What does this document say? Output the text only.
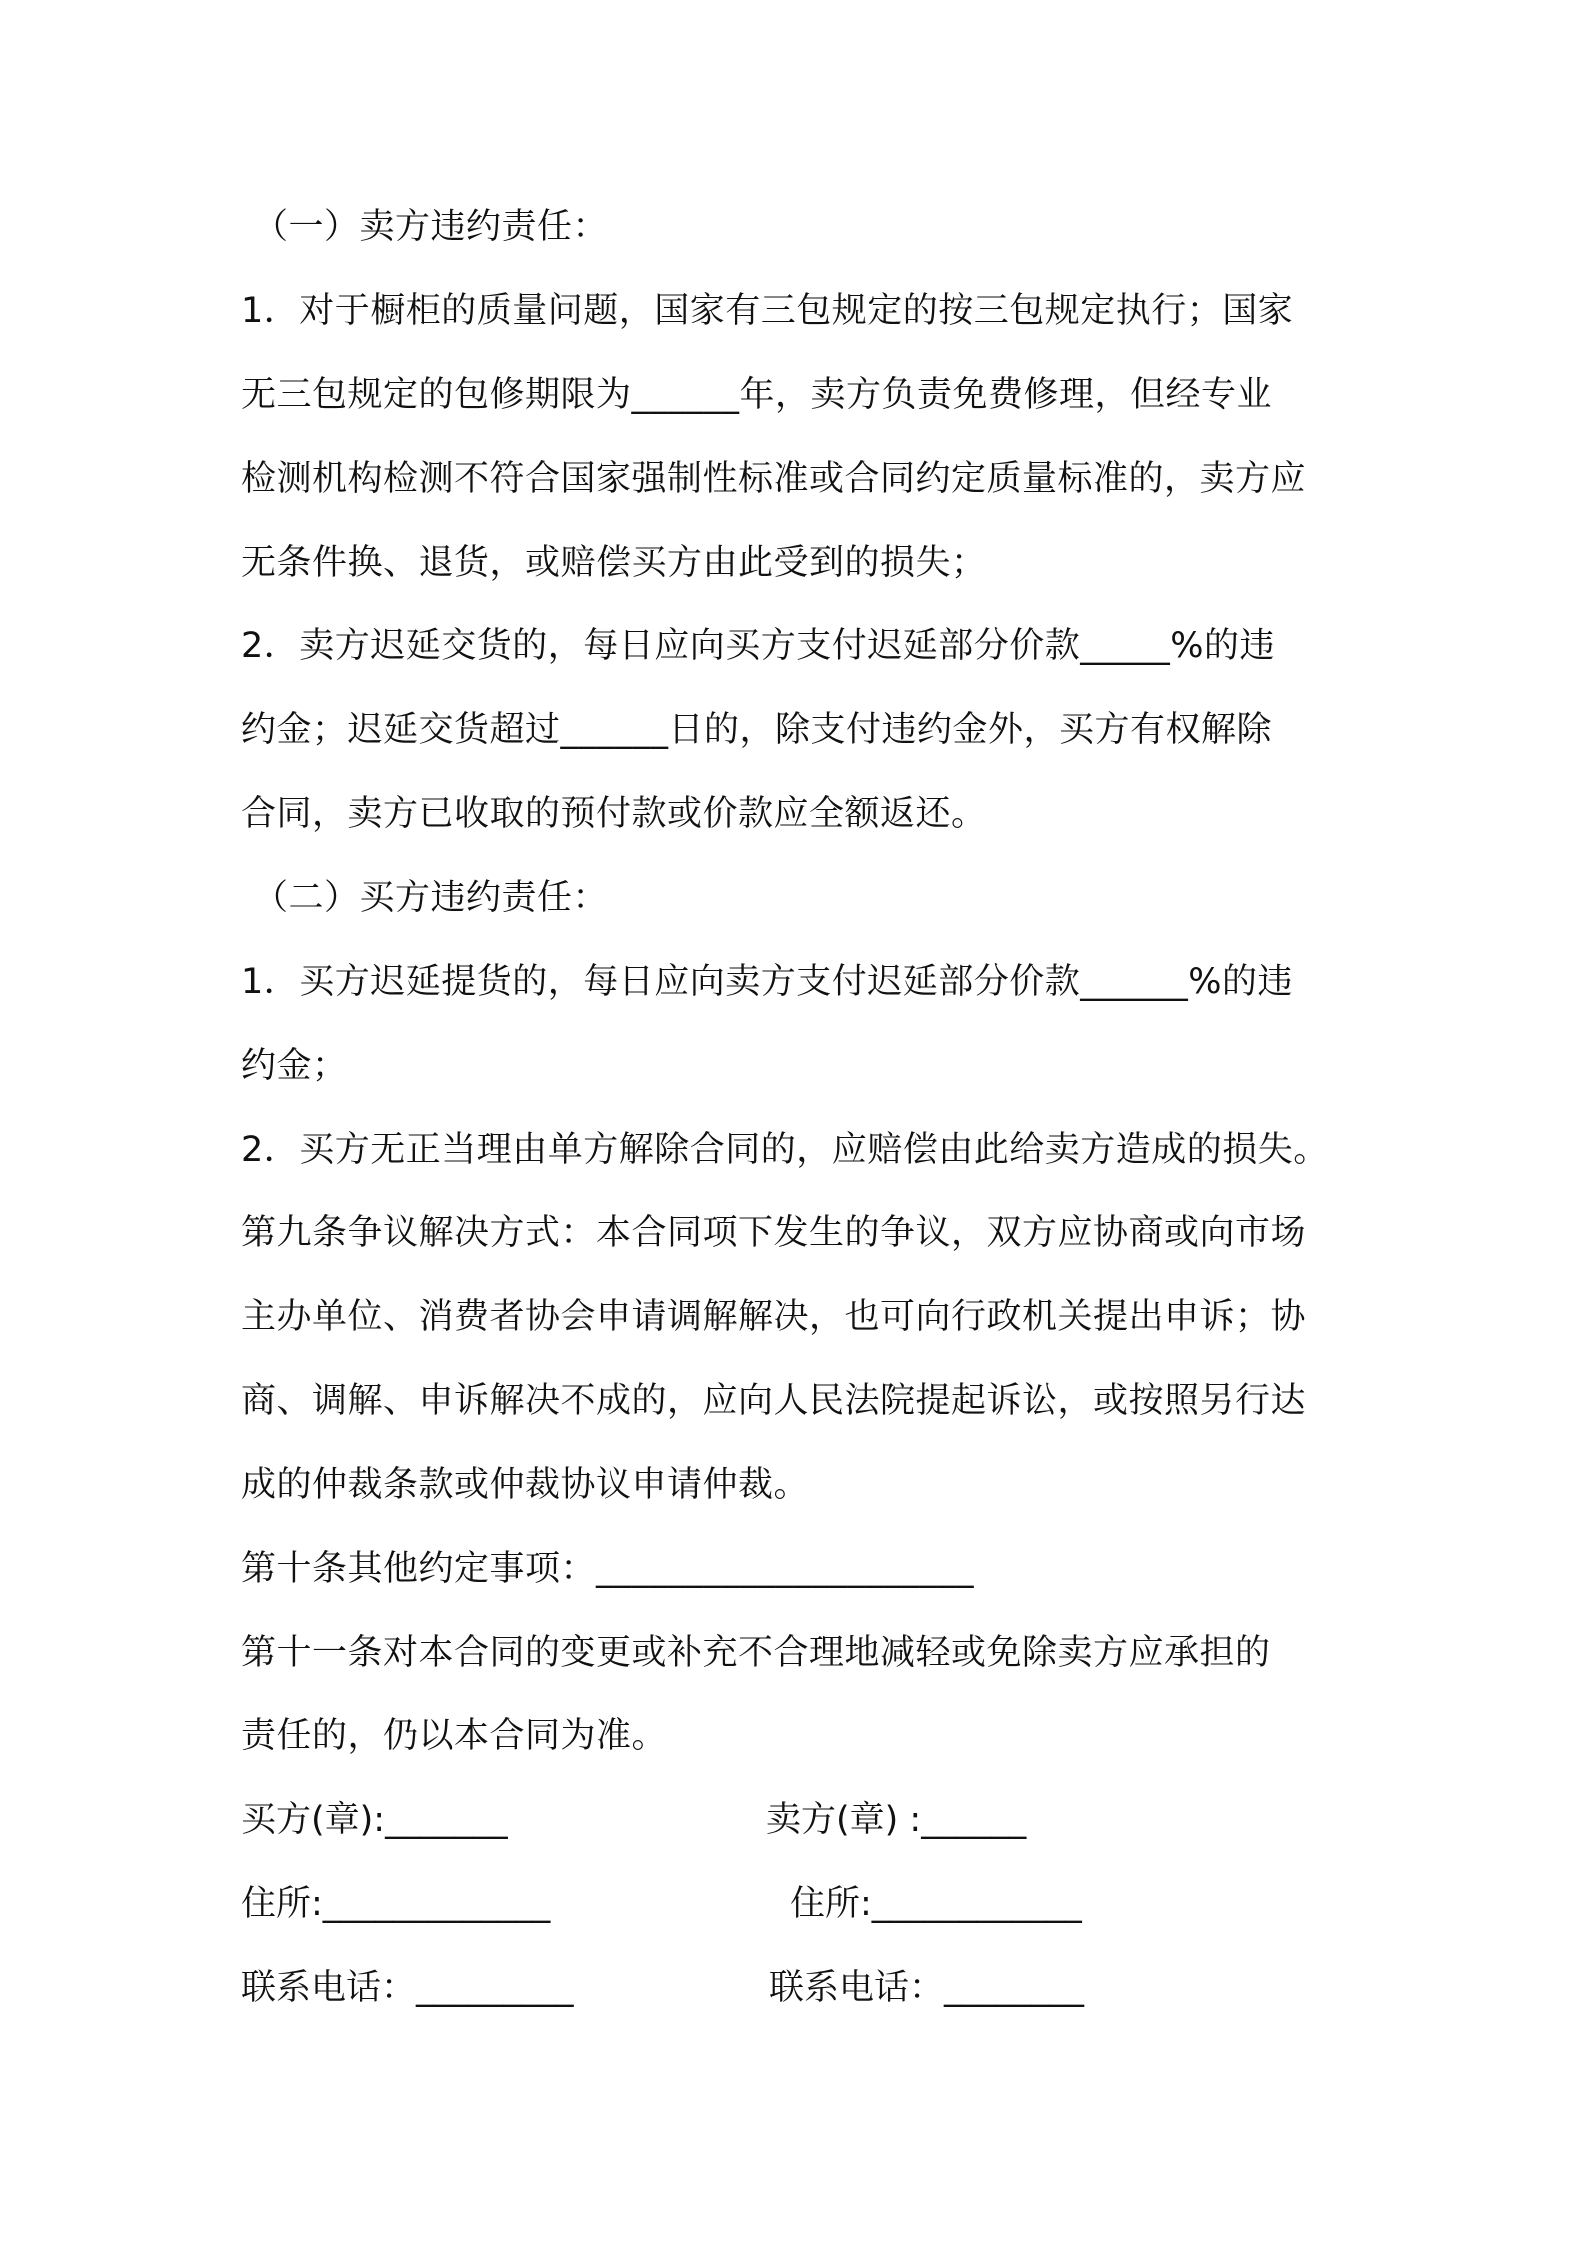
（一）卖方违约责任：
1．对于橱柜的质量问题，国家有三包规定的按三包规定执行；国家
无三包规定的包修期限为______年，卖方负责免费修理，但经专业
检测机构检测不符合国家强制性标准或合同约定质量标准的，卖方应
无条件换、退货，或赔偿买方由此受到的损失；
2．卖方迟延交货的，每日应向买方支付迟延部分价款_____%的违
约金；迟延交货超过______日的，除支付违约金外，买方有权解除
合同，卖方已收取的预付款或价款应全额返还。
（二）买方违约责任：
1．买方迟延提货的，每日应向卖方支付迟延部分价款______%的违
约金；
2．买方无正当理由单方解除合同的，应赔偿由此给卖方造成的损失。
第九条争议解决方式：本合同项下发生的争议，双方应协商或向市场
主办单位、消费者协会申请调解解决，也可向行政机关提出申诉；协
商、调解、申诉解决不成的，应向人民法院提起诉讼，或按照另行达
成的仲裁条款或仲裁协议申请仲裁。
第十条其他约定事项：_____________________
第十一条对本合同的变更或补充不合理地减轻或免除卖方应承担的
责任的，仍以本合同为准。
买方(章):_______	卖方(章) :______
住所:_____________	住所:____________
联系电话：_________	联系电话：________
